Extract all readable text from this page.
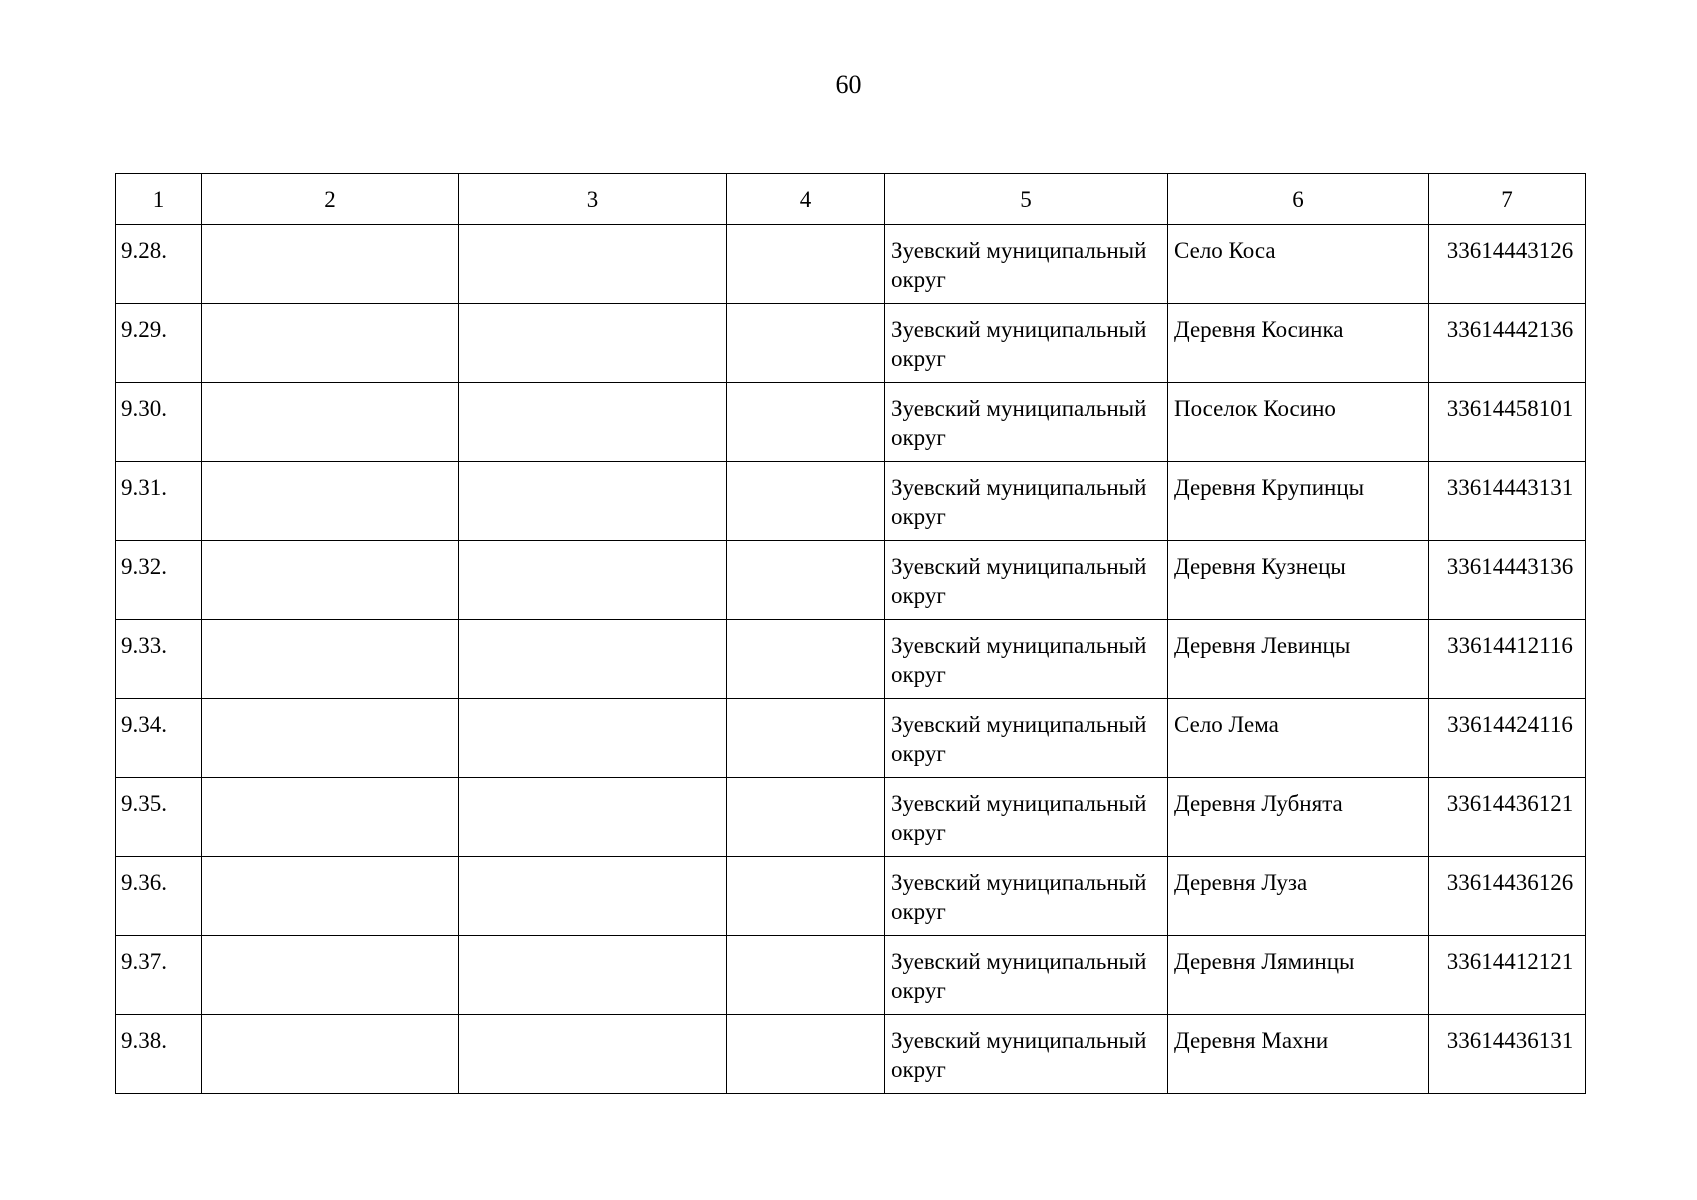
60
1	2	3	4	5	6	7
9.28.				Зуевский муниципальный округ	Село Коса	33614443126
9.29.				Зуевский муниципальный округ	Деревня Косинка	33614442136
9.30.				Зуевский муниципальный округ	Поселок Косино	33614458101
9.31.				Зуевский муниципальный округ	Деревня Крупинцы	33614443131
9.32.				Зуевский муниципальный округ	Деревня Кузнецы	33614443136
9.33.				Зуевский муниципальный округ	Деревня Левинцы	33614412116
9.34.				Зуевский муниципальный округ	Село Лема	33614424116
9.35.				Зуевский муниципальный округ	Деревня Лубнята	33614436121
9.36.				Зуевский муниципальный округ	Деревня Луза	33614436126
9.37.				Зуевский муниципальный округ	Деревня Ляминцы	33614412121
9.38.				Зуевский муниципальный округ	Деревня Махни	33614436131
